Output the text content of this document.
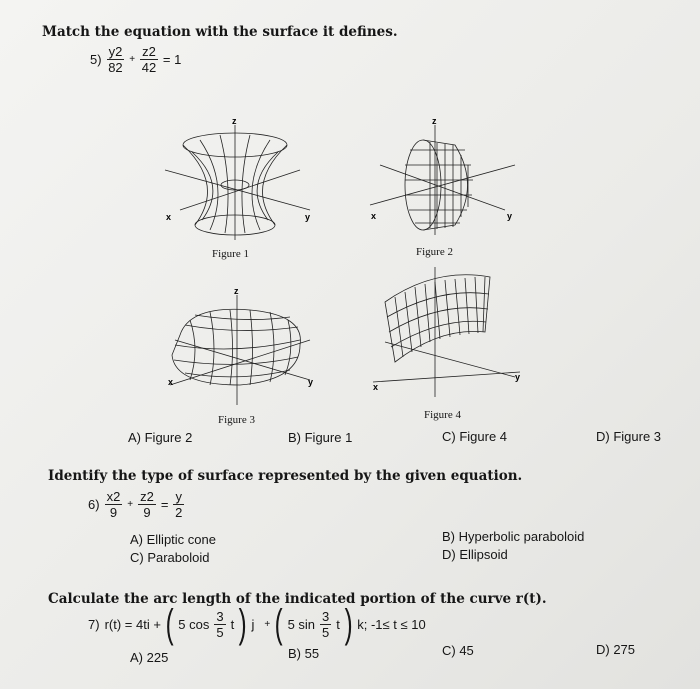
Match the equation with the surface it defines.
$5) \frac{y2}{82} + \frac{z2}{42} = 1$
z
x	y
Figure 1
z
x	y
Figure 2
z
x	y
Figure 3
x
y
Figure 4
A) Figure 2	B) Figure 1	C) Figure 4	D) Figure 3
Identify the type of surface represented by the given equation.
$6) \frac{x2}{9} + \frac{z2}{9} = \frac{y}{2}$
A) Elliptic cone	B) Hyperbolic paraboloid
C) Paraboloid	D) Ellipsoid
Calculate the arc length of the indicated portion of the curve r(t).
7) r(t) = 4ti + ( 5 $\cos \frac{3}{5}$ t ) j + ( 5 $\sin \frac{3}{5}$ t ) k; -1≤ t ≤ 10
A) 225	B) 55	C) 45	D) 275
